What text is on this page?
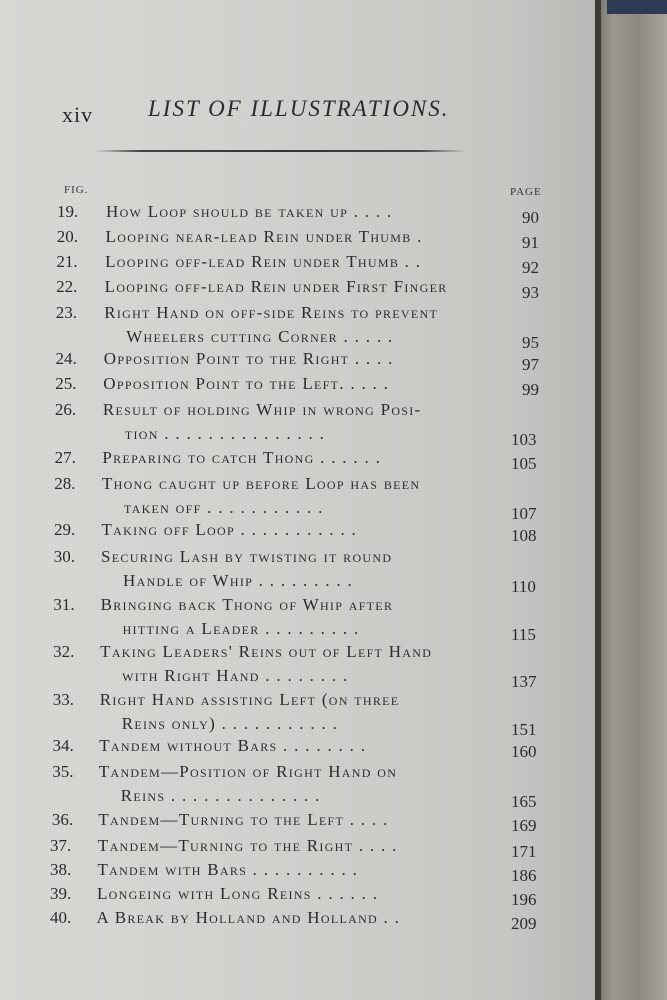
xiv LIST OF ILLUSTRATIONS.
FIG.	PAGE
19. How Loop should be taken up . . . .	90
20. Looping near-lead Rein under Thumb .	91
21. Looping off-lead Rein under Thumb . .	92
22. Looping off-lead Rein under First Finger	93
23. Right Hand on off-side Reins to prevent
Wheelers cutting Corner . . . . .	95
24. Opposition Point to the Right . . . .	97
25. Opposition Point to the Left. . . . .	99
26. Result of holding Whip in wrong Posi-
tion . . . . . . . . . . . . . . .	103
27. Preparing to catch Thong . . . . . .	105
28. Thong caught up before Loop has been
taken off . . . . . . . . . . .	107
29. Taking off Loop . . . . . . . . . . .	108
30. Securing Lash by twisting it round
Handle of Whip . . . . . . . . .	110
31. Bringing back Thong of Whip after
hitting a Leader . . . . . . . . .	115
32. Taking Leaders' Reins out of Left Hand
with Right Hand . . . . . . . .	137
33. Right Hand assisting Left (on three
Reins only) . . . . . . . . . . .	151
34. Tandem without Bars . . . . . . . .	160
35. Tandem—Position of Right Hand on
Reins . . . . . . . . . . . . . .	165
36. Tandem—Turning to the Left . . . .	169
37. Tandem—Turning to the Right . . . .	171
38. Tandem with Bars . . . . . . . . . .	186
39. Longeing with Long Reins . . . . . .	196
40. A Break by Holland and Holland . .	209
